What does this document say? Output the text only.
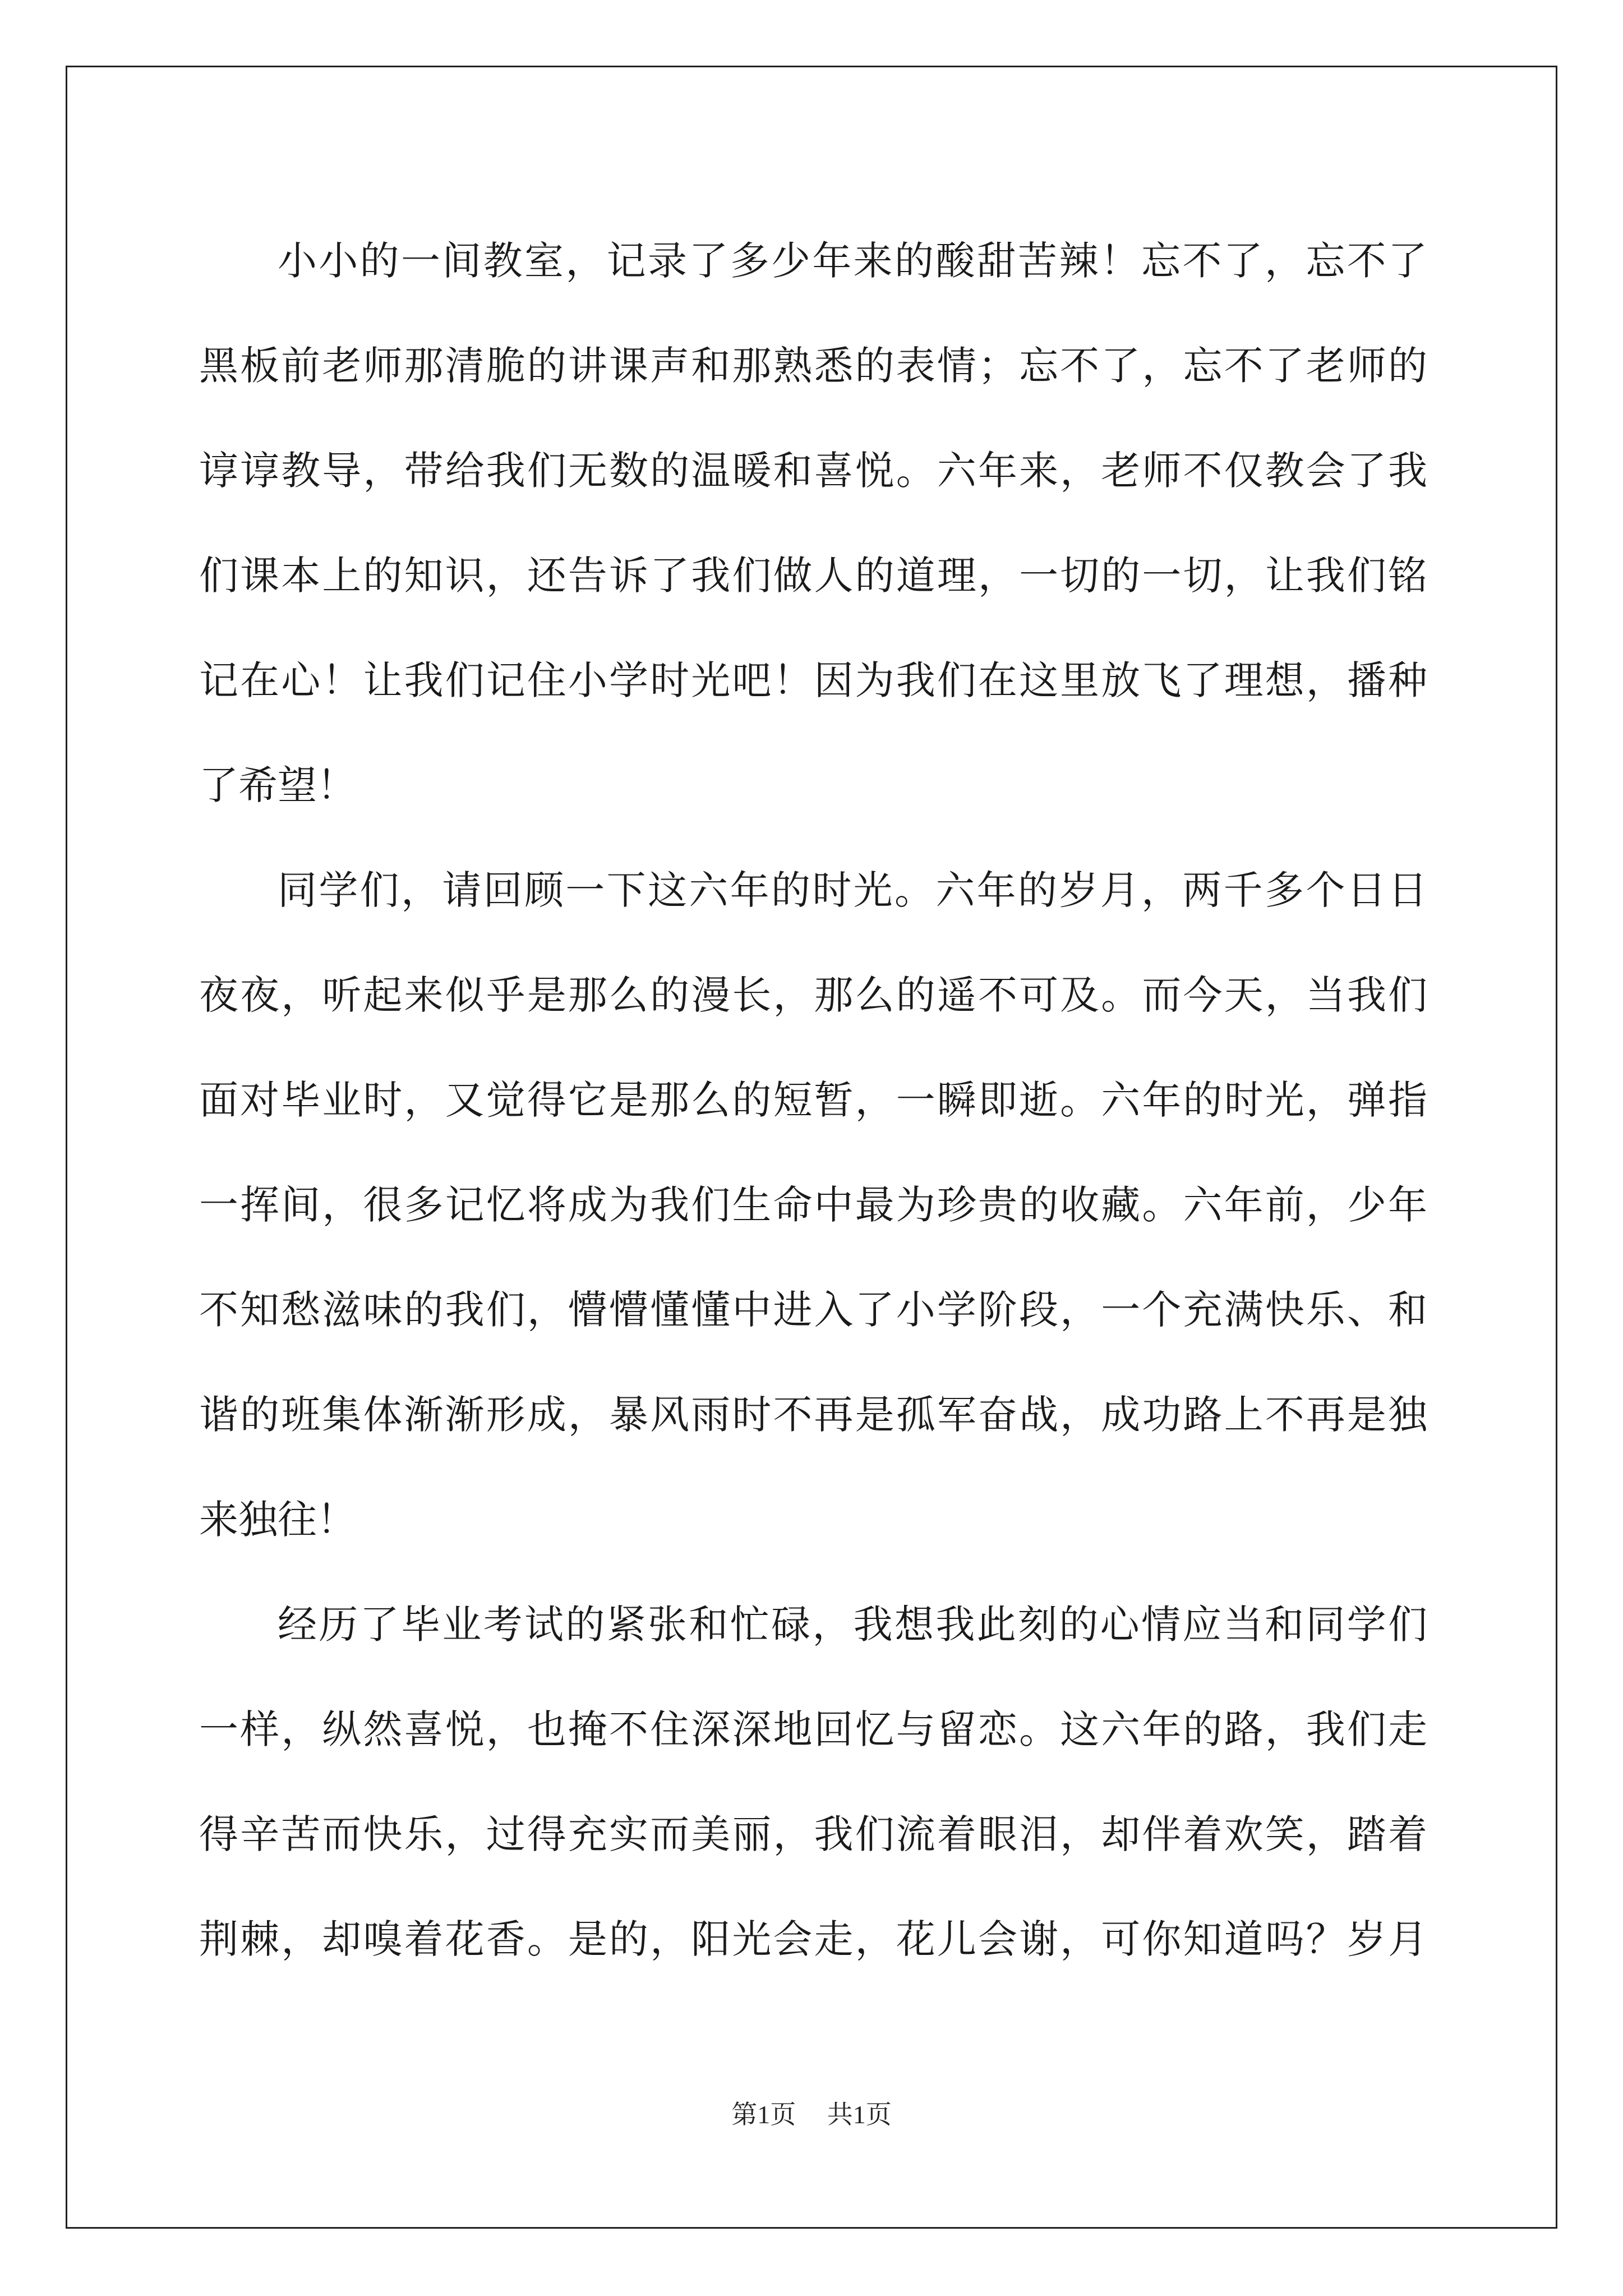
小小的一间教室，记录了多少年来的酸甜苦辣！忘不了，忘不了
黑板前老师那清脆的讲课声和那熟悉的表情；忘不了，忘不了老师的
谆谆教导，带给我们无数的温暖和喜悦。六年来，老师不仅教会了我
们课本上的知识，还告诉了我们做人的道理，一切的一切，让我们铭
记在心！让我们记住小学时光吧！因为我们在这里放飞了理想，播种
了希望！
同学们，请回顾一下这六年的时光。六年的岁月，两千多个日日
夜夜，听起来似乎是那么的漫长，那么的遥不可及。而今天，当我们
面对毕业时，又觉得它是那么的短暂，一瞬即逝。六年的时光，弹指
一挥间，很多记忆将成为我们生命中最为珍贵的收藏。六年前，少年
不知愁滋味的我们，懵懵懂懂中进入了小学阶段，一个充满快乐、和
谐的班集体渐渐形成，暴风雨时不再是孤军奋战，成功路上不再是独
来独往！
经历了毕业考试的紧张和忙碌，我想我此刻的心情应当和同学们
一样，纵然喜悦，也掩不住深深地回忆与留恋。这六年的路，我们走
得辛苦而快乐，过得充实而美丽，我们流着眼泪，却伴着欢笑，踏着
荆棘，却嗅着花香。是的，阳光会走，花儿会谢，可你知道吗？岁月
第1页 共1页
